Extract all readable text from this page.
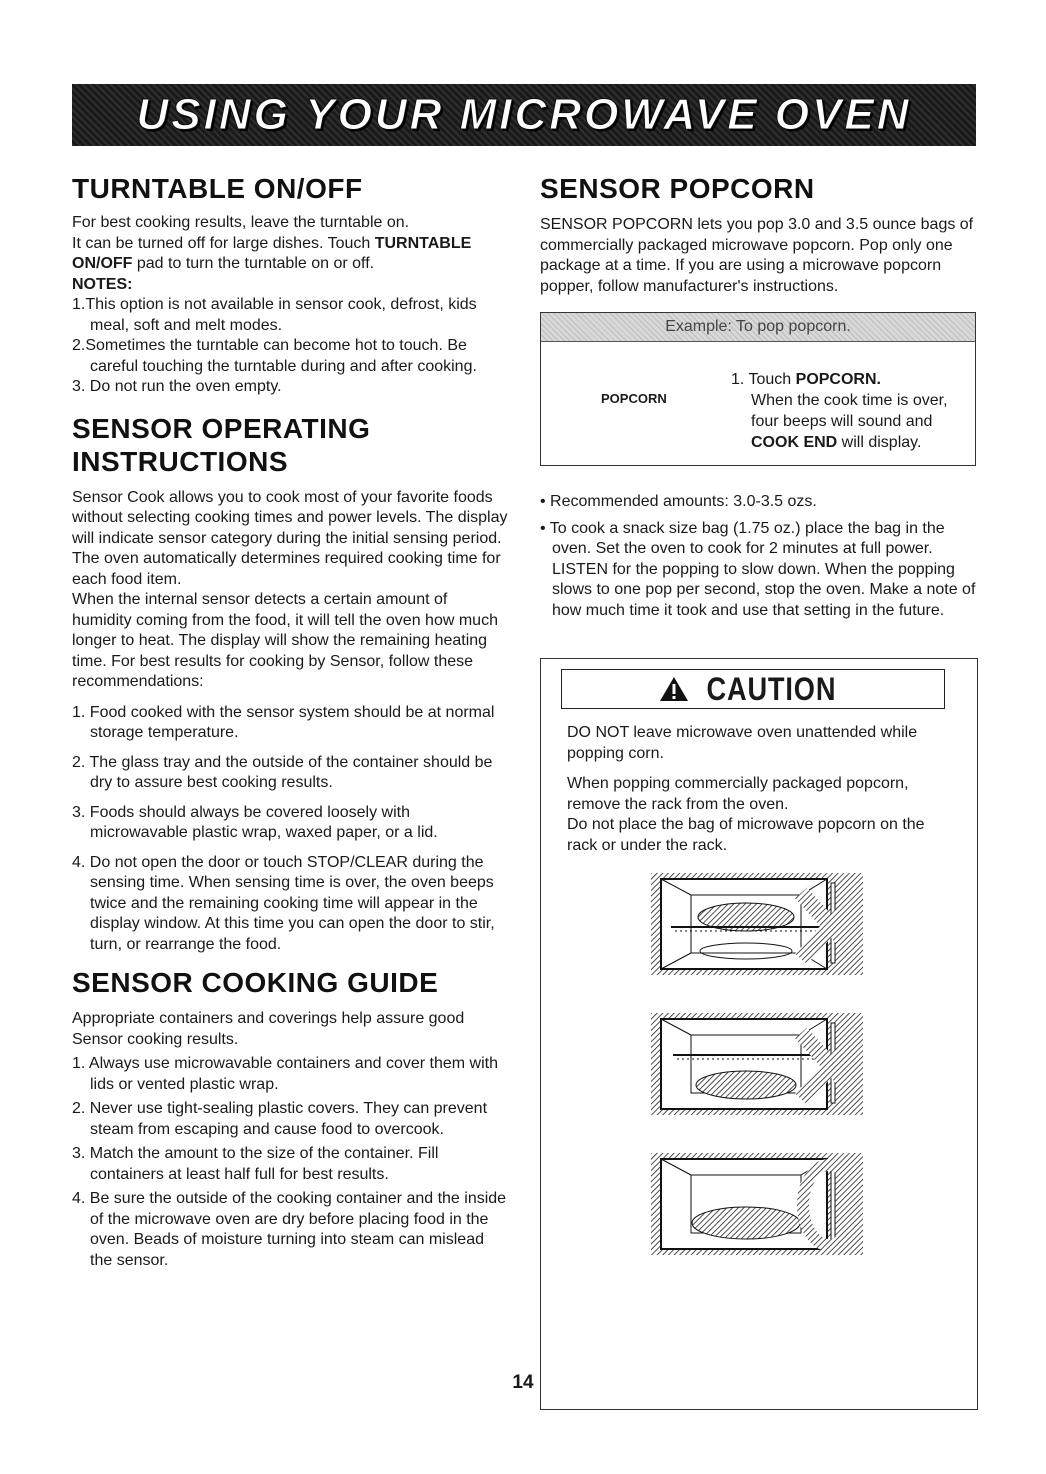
USING YOUR MICROWAVE OVEN
TURNTABLE ON/OFF

For best cooking results, leave the turntable on.

It can be turned off for large dishes. Touch TURNTABLE ON/OFF pad to turn the turntable on or off.

NOTES:
1.This option is not available in sensor cook, defrost, kids meal, soft and melt modes.
2.Sometimes the turntable can become hot to touch. Be careful touching the turntable during and after cooking.
3. Do not run the oven empty.
SENSOR OPERATING
INSTRUCTIONS

Sensor Cook allows you to cook most of your favorite foods without selecting cooking times and power levels. The display will indicate sensor category during the initial sensing period. The oven automatically determines required cooking time for each food item.

When the internal sensor detects a certain amount of humidity coming from the food, it will tell the oven how much longer to heat. The display will show the remaining heating time. For best results for cooking by Sensor, follow these recommendations:

1. Food cooked with the sensor system should be at normal storage temperature.
2. The glass tray and the outside of the container should be dry to assure best cooking results.
3. Foods should always be covered loosely with microwavable plastic wrap, waxed paper, or a lid.
4. Do not open the door or touch STOP/CLEAR during the sensing time. When sensing time is over, the oven beeps twice and the remaining cooking time will appear in the display window. At this time you can open the door to stir, turn, or rearrange the food.
SENSOR COOKING GUIDE

Appropriate containers and coverings help assure good Sensor cooking results.

1. Always use microwavable containers and cover them with lids or vented plastic wrap.
2. Never use tight-sealing plastic covers. They can prevent steam from escaping and cause food to overcook.
3. Match the amount to the size of the container. Fill containers at least half full for best results.
4. Be sure the outside of the cooking container and the inside of the microwave oven are dry before placing food in the oven. Beads of moisture turning into steam can mislead the sensor.
SENSOR POPCORN

SENSOR POPCORN lets you pop 3.0 and 3.5 ounce bags of commercially packaged microwave popcorn. Pop only one package at a time. If you are using a microwave popcorn popper, follow manufacturer's instructions.

Example: To pop popcorn.
POPCORN
1. Touch POPCORN.
When the cook time is over, four beeps will sound and
COOK END will display.
• Recommended amounts: 3.0-3.5 ozs.
• To cook a snack size bag (1.75 oz.) place the bag in the oven. Set the oven to cook for 2 minutes at full power. LISTEN for the popping to slow down. When the popping slows to one pop per second, stop the oven. Make a note of how much time it took and use that setting in the future.
CAUTION

DO NOT leave microwave oven unattended while popping corn.

When popping commercially packaged popcorn, remove the rack from the oven.

Do not place the bag of microwave popcorn on the rack or under the rack.

14
